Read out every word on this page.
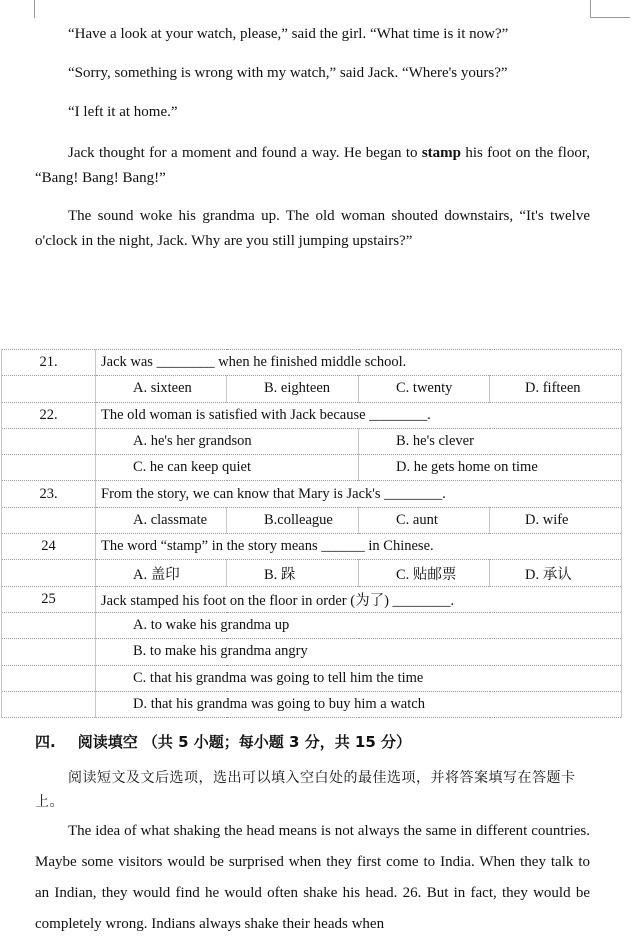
“Have a look at your watch, please,” said the girl. “What time is it now?”
“Sorry, something is wrong with my watch,” said Jack. “Where's yours?”
“I left it at home.”
Jack thought for a moment and found a way. He began to stamp his foot on the floor, “Bang! Bang! Bang!”
The sound woke his grandma up. The old woman shouted downstairs, “It's twelve o'clock in the night, Jack. Why are you still jumping upstairs?”
21.	Jack was ________ when he finished middle school.			
	A. sixteen	B. eighteen	C. twenty	D. fifteen
22.	The old woman is satisfied with Jack because ________.			
	A. he's her grandson		B. he's clever	
	C. he can keep quiet		D. he gets home on time	
23.	From the story, we can know that Mary is Jack's ________.			
	A. classmate	B.colleague	C. aunt	D. wife
24	The word “stamp” in the story means ______ in Chinese.			
	A. 盖印	B. 跺	C. 贴邮票	D. 承认
25	Jack stamped his foot on the floor in order (为了) ________.			
	A. to wake his grandma up			
	B. to make his grandma angry			
	C. that his grandma was going to tell him the time			
	D. that his grandma was going to buy him a watch			
四. 阅读填空 （共 5 小题；每小题 3 分，共 15 分）
阅读短文及文后选项，选出可以填入空白处的最佳选项，并将答案填写在答题卡上。
The idea of what shaking the head means is not always the same in different countries. Maybe some visitors would be surprised when they first come to India. When they talk to an Indian, they would find he would often shake his head. 26. But in fact, they would be completely wrong. Indians always shake their heads when
